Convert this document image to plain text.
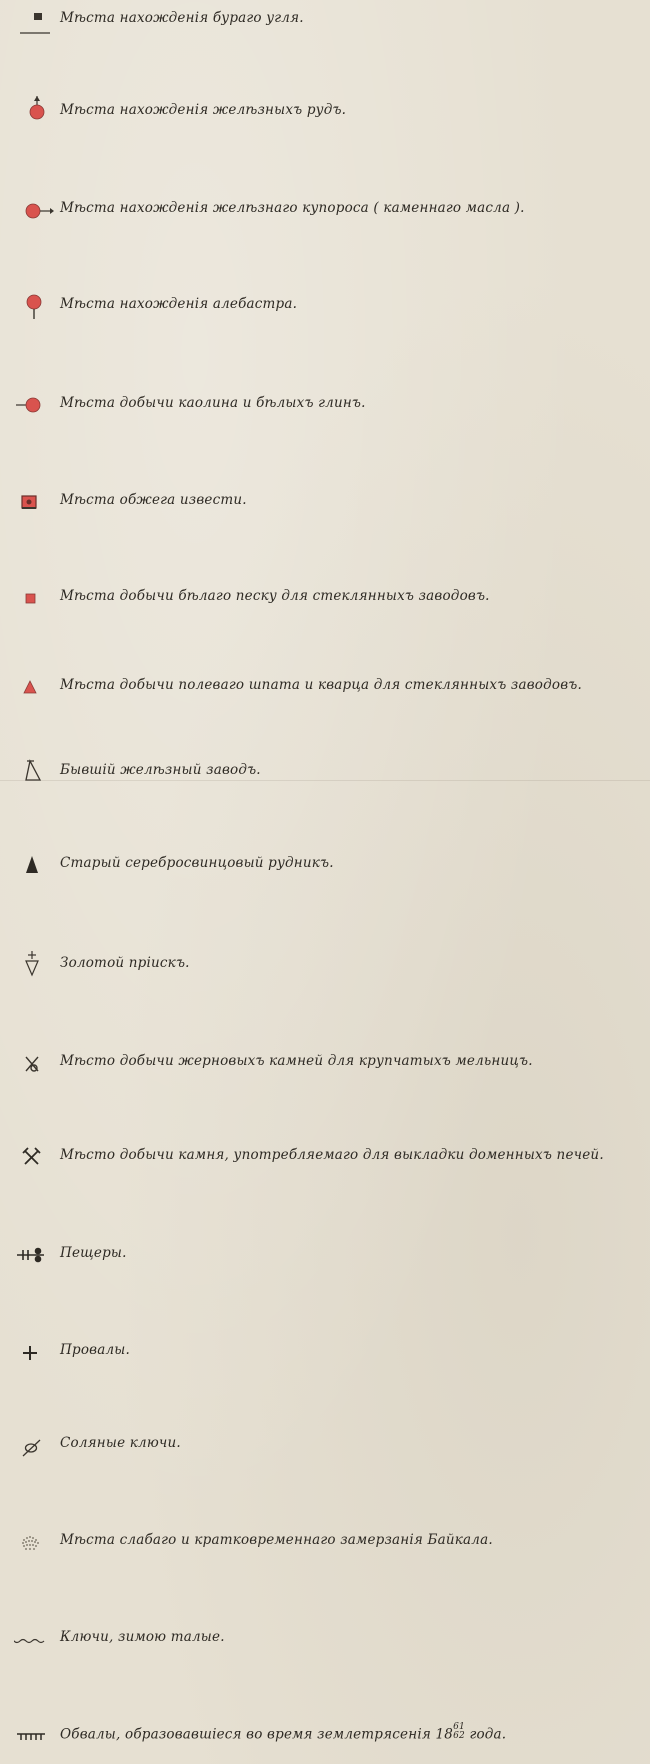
Мѣста нахожденія бураго угля.
Мѣста нахожденія желѣзныхъ рудъ.
Мѣста нахожденія желѣзнаго купороса ( каменнаго масла ).
Мѣста нахожденія алебастра.
Мѣста добычи каолина и бѣлыхъ глинъ.
Мѣста обжега извести.
Мѣста добычи бѣлаго песку для стеклянныхъ заводовъ.
Мѣста добычи полеваго шпата и кварца для стеклянныхъ заводовъ.
Бывшій желѣзный заводъ.
Старый серебросвинцовый рудникъ.
Золотой пріискъ.
Мѣсто добычи жерновыхъ камней для крупчатыхъ мельницъ.
Мѣсто добычи камня, употребляемаго для выкладки доменныхъ печей.
Пещеры.
Провалы.
Соляные ключи.
Мѣста слабаго и кратковременнаго замерзанія Байкала.
Ключи, зимою талые.
Обвалы, образовавшіеся во время землетрясенія 18 61
62 года.
